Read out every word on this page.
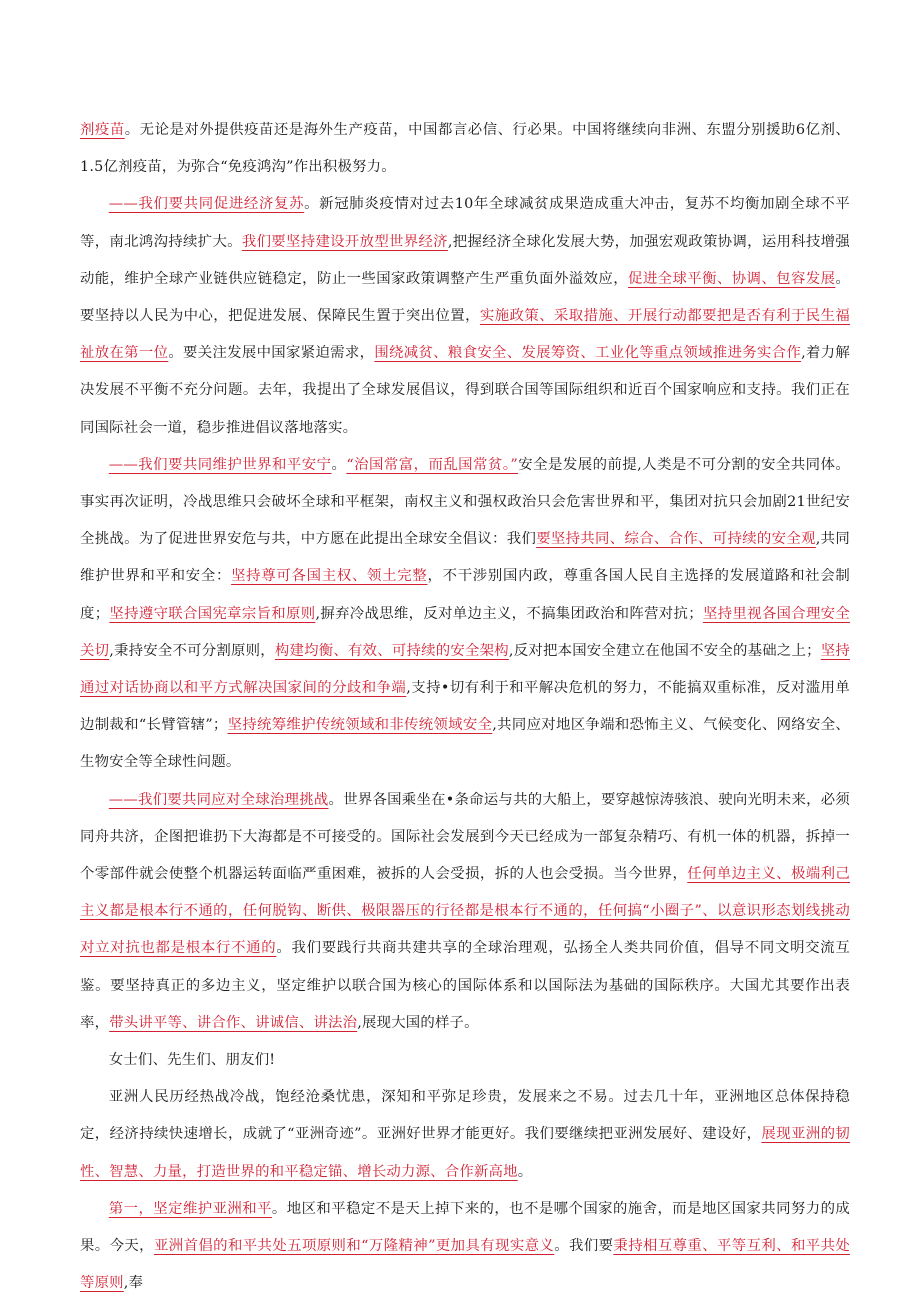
剂疫苗。无论是对外提供疫苗还是海外生产疫苗，中国都言必信、行必果。中国将继续向非洲、东盟分别援助6亿剂、1.5亿剂疫苗，为弥合“免疫鸿沟”作出积极努力。

——我们要共同促进经济复苏。新冠肺炎疫情对过去10年全球减贫成果造成重大冲击，复苏不均衡加剧全球不平等，南北鸿沟持续扩大。我们要坚持建设开放型世界经济,把握经济全球化发展大势，加强宏观政策协调，运用科技增强动能，维护全球产业链供应链稳定，防止一些国家政策调整产生严重负面外溢效应，促进全球平衡、协调、包容发展。要坚持以人民为中心，把促进发展、保障民生置于突出位置，实施政策、采取措施、开展行动都要把是否有利于民生福祉放在第一位。要关注发展中国家紧迫需求，围绕减贫、粮食安全、发展筹资、工业化等重点领域推进务实合作,着力解决发展不平衡不充分问题。去年，我提出了全球发展倡议，得到联合国等国际组织和近百个国家响应和支持。我们正在同国际社会一道，稳步推进倡议落地落实。

——我们要共同维护世界和平安宁。“治国常富，而乱国常贫。”安全是发展的前提,人类是不可分割的安全共同体。事实再次证明，冷战思维只会破坏全球和平框架，南权主义和强权政治只会危害世界和平，集团对抗只会加剧21世纪安全挑战。为了促进世界安危与共，中方愿在此提出全球安全倡议：我们要坚持共同、综合、合作、可持续的安全观,共同维护世界和平和安全：坚持尊可各国主权、领土完整，不干涉别国内政，尊重各国人民自主选择的发展道路和社会制度；坚持遵守联合国宪章宗旨和原则,摒弃冷战思维，反对单边主义，不搞集团政治和阵营对抗；坚持里视各国合理安全关切,秉持安全不可分割原则，构建均衡、有效、可持续的安全架构,反对把本国安全建立在他国不安全的基础之上；坚持通过对话协商以和平方式解决国家间的分歧和争端,支持•切有利于和平解决危机的努力，不能搞双重标准，反对滥用单边制裁和“长臂管辖”；坚持统筹维护传统领域和非传统领域安全,共同应对地区争端和恐怖主义、气候变化、网络安全、生物安全等全球性问题。

——我们要共同应对全球治理挑战。世界各国乘坐在•条命运与共的大船上，要穿越惊涛骇浪、驶向光明未来，必须同舟共济，企图把谁扔下大海都是不可接受的。国际社会发展到今天已经成为一部复杂精巧、有机一体的机器，拆掉一个零部件就会使整个机器运转面临严重困难，被拆的人会受损，拆的人也会受损。当今世界，任何单边主义、极端利己主义都是根本行不通的，任何脱钩、断供、极限器压的行径都是根本行不通的，任何搞“小圈子”、以意识形态划线挑动对立对抗也都是根本行不通的。我们要践行共商共建共享的全球治理观，弘扬全人类共同价值，倡导不同文明交流互鉴。要坚持真正的多边主义，坚定维护以联合国为核心的国际体系和以国际法为基础的国际秩序。大国尤其要作出表率，带头讲平等、讲合作、讲诚信、讲法治,展现大国的样子。

女士们、先生们、朋友们!

亚洲人民历经热战冷战，饱经沧桑忧患，深知和平弥足珍贵，发展来之不易。过去几十年，亚洲地区总体保持稳定，经济持续快速增长，成就了“亚洲奇迹”。亚洲好世界才能更好。我们要继续把亚洲发展好、建设好，展现亚洲的韧性、智慧、力量，打造世界的和平稳定锚、增长动力源、合作新高地。

第一，坚定维护亚洲和平。地区和平稳定不是天上掉下来的，也不是哪个国家的施舍，而是地区国家共同努力的成果。今天，亚洲首倡的和平共处五项原则和“万隆精神”更加具有现实意义。我们要秉持相互尊重、平等互利、和平共处等原则,奉
